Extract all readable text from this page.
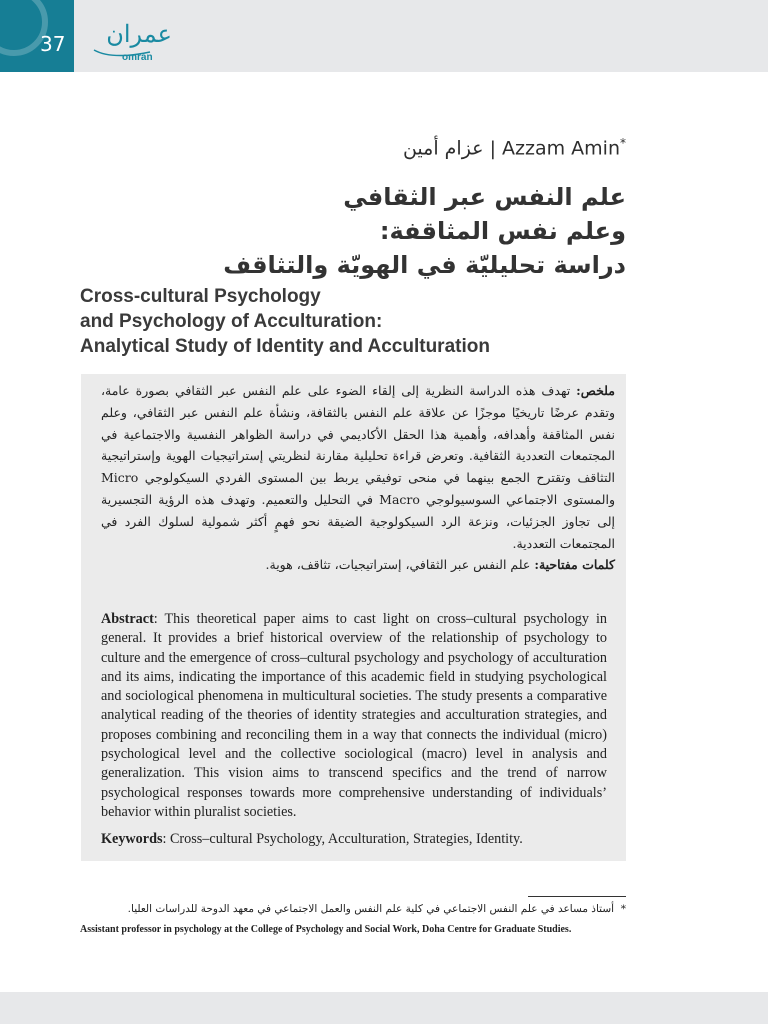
37 عمران
omran
عزام أمين | Azzam Amin*
علم النفس عبر الثقافي
وعلم نفس المثاقفة:
دراسة تحليليّة في الهويّة والتثاقف
Cross-cultural Psychology
and Psychology of Acculturation:
Analytical Study of Identity and Acculturation
ملخص: تهدف هذه الدراسة النظرية إلى إلقاء الضوء على علم النفس عبر الثقافي بصورة عامة، وتقدم عرضًا تاريخيًا موجزًا عن علاقة علم النفس بالثقافة، ونشأة علم النفس عبر الثقافي، وعلم نفس المثاقفة وأهدافه، وأهمية هذا الحقل الأكاديمي في دراسة الظواهر النفسية والاجتماعية في المجتمعات التعددية الثقافية. وتعرض قراءة تحليلية مقارنة لنظريتي إستراتيجيات الهوية وإستراتيجية التثاقف وتقترح الجمع بينهما في منحى توفيقي يربط بين المستوى الفردي السيكولوجي Micro والمستوى الاجتماعي السوسيولوجي Macro في التحليل والتعميم. وتهدف هذه الرؤية التجسيرية إلى تجاوز الجزئيات، ونزعة الرد السيكولوجية الضيقة نحو فهمٍ أكثر شمولية لسلوك الفرد في المجتمعات التعددية.
كلمات مفتاحية: علم النفس عبر الثقافي، إستراتيجيات، تثاقف، هوية.
Abstract: This theoretical paper aims to cast light on cross–cultural psychology in general. It provides a brief historical overview of the relationship of psychology to culture and the emergence of cross–cultural psychology and psychology of acculturation and its aims, indicating the importance of this academic field in studying psychological and sociological phenomena in multicultural societies. The study presents a comparative analytical reading of the theories of identity strategies and acculturation strategies, and proposes combining and reconciling them in a way that connects the individual (micro) psychological level and the collective sociological (macro) level in analysis and generalization. This vision aims to transcend specifics and the trend of narrow psychological responses towards more comprehensive understanding of individuals’ behavior within pluralist societies.
Keywords: Cross–cultural Psychology, Acculturation, Strategies, Identity.
*  أستاذ مساعد في علم النفس الاجتماعي في كلية علم النفس والعمل الاجتماعي في معهد الدوحة للدراسات العليا.
Assistant professor in psychology at the College of Psychology and Social Work, Doha Centre for Graduate Studies.
